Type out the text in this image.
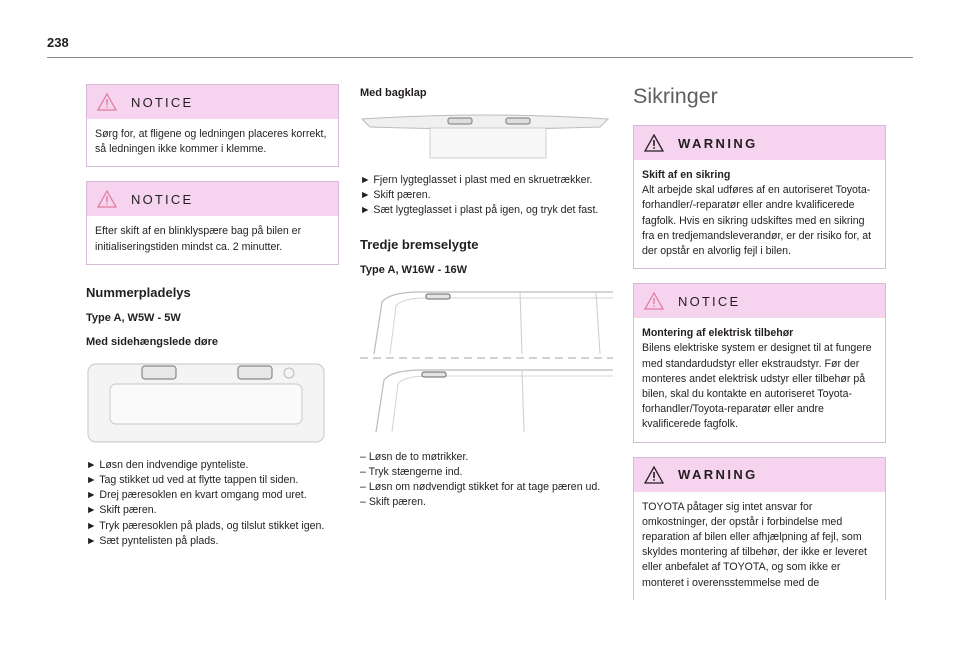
238
NOTICE
Sørg for, at fligene og ledningen placeres korrekt, så ledningen ikke kommer i klemme.
NOTICE
Efter skift af en blinklyspære bag på bilen er initialiseringstiden mindst ca. 2 minutter.
Nummerpladelys
Type A, W5W - 5W
Med sidehængslede døre

► Løsn den indvendige pynteliste.

► Tag stikket ud ved at flytte tappen til siden.

► Drej pæresoklen en kvart omgang mod uret.

► Skift pæren.

► Tryk pæresoklen på plads, og tilslut stikket igen.

► Sæt pyntelisten på plads.

Med bagklap

► Fjern lygteglasset i plast med en skruetrækker.

► Skift pæren.

► Sæt lygteglasset i plast på igen, og tryk det fast.

Tredje bremselygte
Type A, W16W - 16W

– Løsn de to møtrikker.

– Tryk stængerne ind.

– Løsn om nødvendigt stikket for at tage pæren ud.

– Skift pæren.

Sikringer
WARNING
Skift af en sikring
Alt arbejde skal udføres af en autoriseret Toyota-forhandler/-reparatør eller andre kvalificerede fagfolk. Hvis en sikring udskiftes med en sikring fra en tredjemandsleverandør, er der risiko for, at der opstår en alvorlig fejl i bilen.
NOTICE
Montering af elektrisk tilbehør
Bilens elektriske system er designet til at fungere med standardudstyr eller ekstraudstyr. Før der monteres andet elektrisk udstyr eller tilbehør på bilen, skal du kontakte en autoriseret Toyota-forhandler/Toyota-reparatør eller andre kvalificerede fagfolk.
WARNING
TOYOTA påtager sig intet ansvar for omkostninger, der opstår i forbindelse med reparation af bilen eller afhjælpning af fejl, som skyldes montering af tilbehør, der ikke er leveret eller anbefalet af TOYOTA, og som ikke er monteret i overensstemmelse med de
